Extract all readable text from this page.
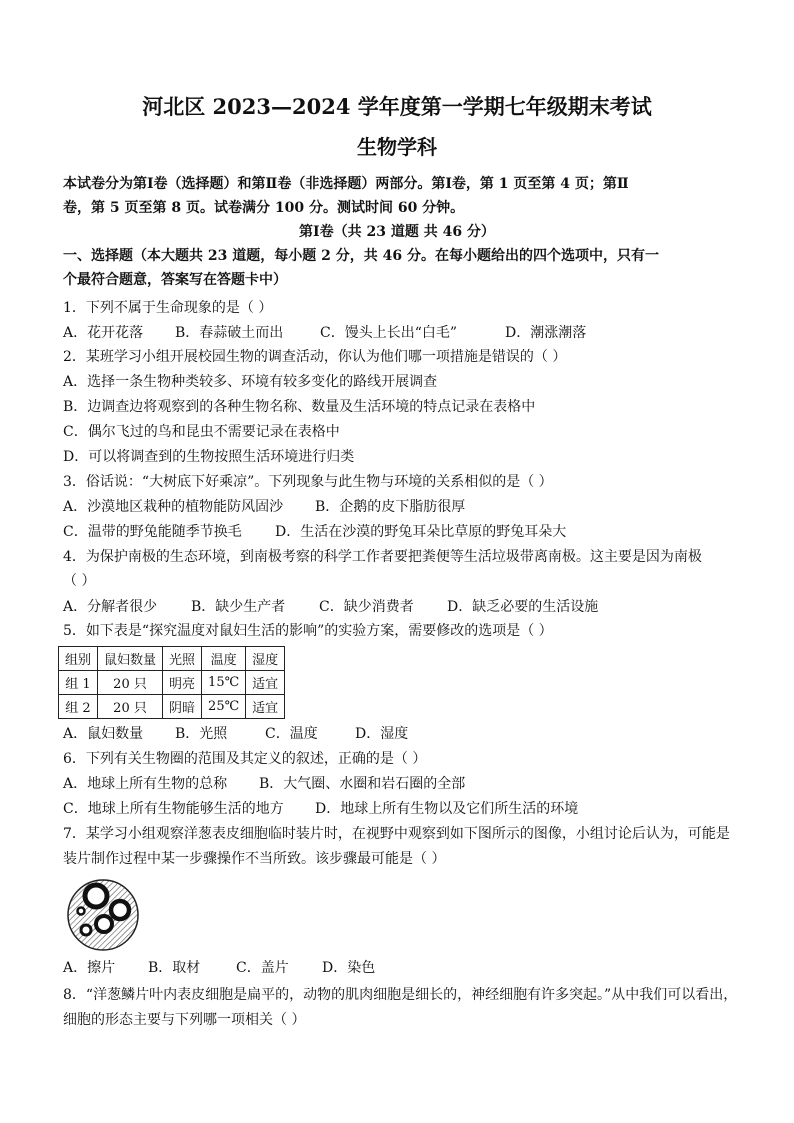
河北区 2023—2024 学年度第一学期七年级期末考试
生物学科
本试卷分为第Ⅰ卷（选择题）和第Ⅱ卷（非选择题）两部分。第Ⅰ卷，第 1 页至第 4 页；第Ⅱ
卷，第 5 页至第 8 页。试卷满分 100 分。测试时间 60 分钟。
第Ⅰ卷（共 23 道题 共 46 分）
一、选择题（本大题共 23 道题，每小题 2 分，共 46 分。在每小题给出的四个选项中，只有一
个最符合题意，答案写在答题卡中）
1．下列不属于生命现象的是（ ）
A．花开花落 B．春蒜破土而出	C．馒头上长出“白毛”	D．潮涨潮落
2．某班学习小组开展校园生物的调查活动，你认为他们哪一项措施是错误的（ ）
A．选择一条生物种类较多、环境有较多变化的路线开展调查
B．边调查边将观察到的各种生物名称、数量及生活环境的特点记录在表格中
C．偶尔飞过的鸟和昆虫不需要记录在表格中
D．可以将调查到的生物按照生活环境进行归类
3．俗话说：“大树底下好乘凉”。下列现象与此生物与环境的关系相似的是（ ）
A．沙漠地区栽种的植物能防风固沙 B．企鹅的皮下脂肪很厚
C．温带的野兔能随季节换毛 D．生活在沙漠的野兔耳朵比草原的野兔耳朵大
4．为保护南极的生态环境，到南极考察的科学工作者要把粪便等生活垃圾带离南极。这主要是因为南极
（ ）
A．分解者很少 B．缺少生产者 C．缺少消费者 D．缺乏必要的生活设施
5．如下表是“探究温度对鼠妇生活的影响”的实验方案，需要修改的选项是（ ）
组别	鼠妇数量	光照	温度	湿度
组 1	20 只	明亮	15℃	适宜
组 2	20 只	阴暗	25℃	适宜
A．鼠妇数量 B．光照	C．温度	D．湿度
6．下列有关生物圈的范围及其定义的叙述，正确的是（ ）
A．地球上所有生物的总称 B．大气圈、水圈和岩石圈的全部
C．地球上所有生物能够生活的地方 D．地球上所有生物以及它们所生活的环境
7．某学习小组观察洋葱表皮细胞临时装片时，在视野中观察到如下图所示的图像，小组讨论后认为，可能是
装片制作过程中某一步骤操作不当所致。该步骤最可能是（ ）
A．擦片 B．取材	C．盖片 D．染色
8．“洋葱鳞片叶内表皮细胞是扁平的，动物的肌肉细胞是细长的，神经细胞有许多突起。”从中我们可以看出，
细胞的形态主要与下列哪一项相关（ ）
